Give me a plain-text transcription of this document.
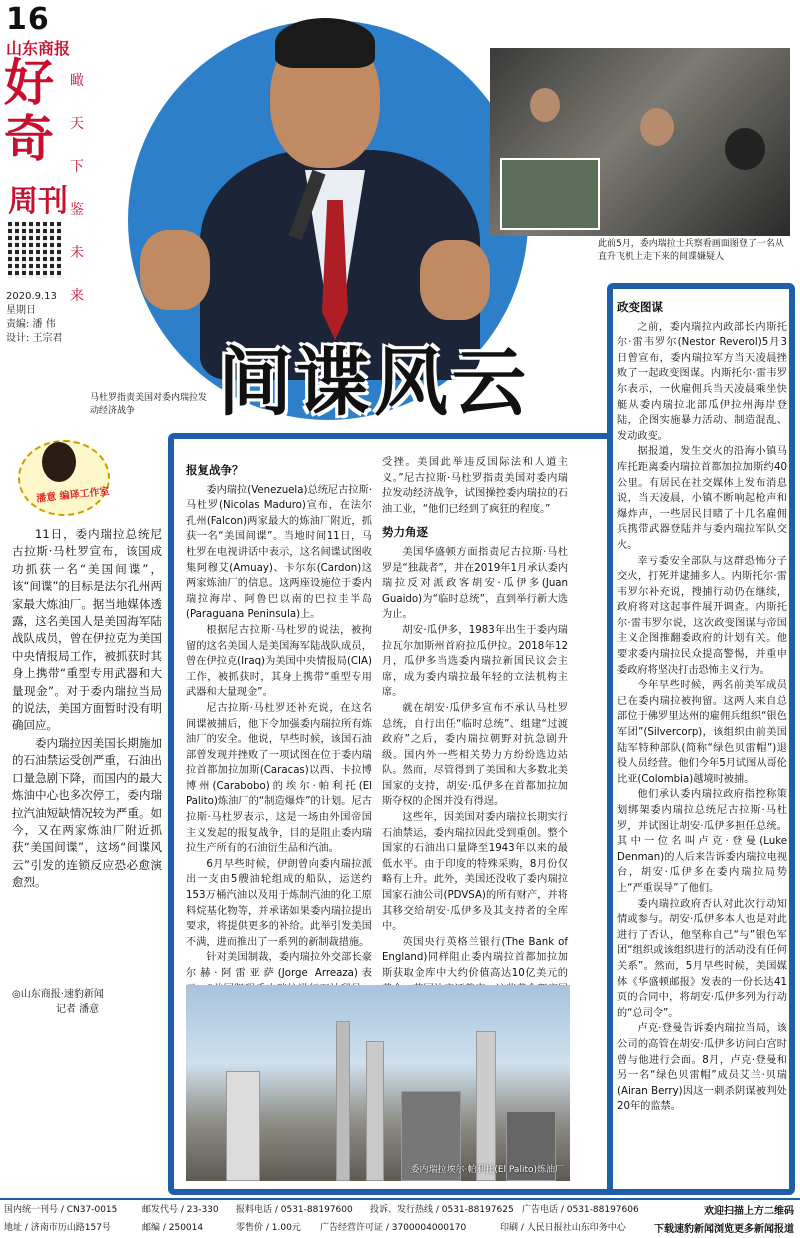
16
山东商报
好
奇
周刊
瞰
天
下
鉴
未
来
2020.9.13
星期日
责编: 潘 伟
设计: 王宗君
马杜罗指责美国对委内瑞拉发动经济战争	间谍风云
此前5月，委内瑞拉士兵察看画面图登了一名从直升飞机上走下来的间谍嫌疑人
潘意 编译工作室

11日，委内瑞拉总统尼古拉斯·马杜罗宣布，该国成功抓获一名“美国间谍”，该“间谍”的目标是法尔孔州两家最大炼油厂。据当地媒体透露，这名美国人是美国海军陆战队成员，曾在伊拉克为美国中央情报局工作，被抓获时其身上携带“重型专用武器和大量现金”。对于委内瑞拉当局的说法，美国方面暂时没有明确回应。

委内瑞拉因美国长期施加的石油禁运受创严重，石油出口量急剧下降，而国内的最大炼油中心也多次停工，委内瑞拉汽油短缺情况较为严重。如今，又在两家炼油厂附近抓获“美国间谍”，这场“间谍风云”引发的连锁反应恐必愈演愈烈。

◎山东商报·速豹新闻
记者 潘意
报复战争？

委内瑞拉(Venezuela)总统尼古拉斯·马杜罗(Nicolas Maduro)宣布，在法尔孔州(Falcon)两家最大的炼油厂附近，抓获一名“美国间谍”。当地时间11日，马杜罗在电视讲话中表示，这名间谍试图收集阿穆艾(Amuay)、卡尔东(Cardon)这两家炼油厂的信息。这两座设施位于委内瑞拉海岸、阿鲁巴以南的巴拉圭半岛(Paraguana Peninsula)上。

根据尼古拉斯·马杜罗的说法，被拘留的这名美国人是美国海军陆战队成员，曾在伊拉克(Iraq)为美国中央情报局(CIA)工作，被抓获时，其身上携带“重型专用武器和大量现金”。

尼古拉斯·马杜罗还补充说，在这名间谍被捕后，他下令加强委内瑞拉所有炼油厂的安全。他说，早些时候，该国石油部曾发现并挫败了一项试图在位于委内瑞拉首都加拉加斯(Caracas)以西、卡拉博博州(Carabobo)的埃尔·帕利托(El Palito)炼油厂的“制造爆炸”的计划。尼古拉斯·马杜罗表示，这是一场由外国帝国主义发起的报复战争，目的是阻止委内瑞拉生产所有的石油衍生品和汽油。

6月早些时候，伊朗曾向委内瑞拉派出一支由5艘油轮组成的船队，运送约153万桶汽油以及用于炼制汽油的化工原料烷基化物等，并承诺如果委内瑞拉提出要求，将提供更多的补给。此举引发美国不满，进而推出了一系列的新制裁措施。

针对美国制裁，委内瑞拉外交部长豪尔赫·阿雷亚萨(Jorge Arreaza)表

受挫。美国此举违反国际法和人道主义。”尼古拉斯·马杜罗指责美国对委内瑞拉发动经济战争，试图操控委内瑞拉的石油工业，“他们已经到了疯狂的程度。”

势力角逐

美国华盛顿方面指责尼古拉斯·马杜罗是“独裁者”，并在2019年1月承认委内瑞拉反对派政客胡安·瓜伊多(Juan Guaido)为“临时总统”，直到举行新大选为止。

胡安·瓜伊多，1983年出生于委内瑞拉瓦尔加斯州首府拉瓜伊拉。2018年12月，瓜伊多当选委内瑞拉新国民议会主席，成为委内瑞拉最年轻的立法机构主席。

就在胡安·瓜伊多宣布不承认马杜罗总统，自行出任“临时总统”、组建“过渡政府”之后，委内瑞拉朝野对抗急剧升级。国内外一些相关势力方纷纷选边站队。然而，尽管得到了美国和大多数北美国家的支持，胡安·瓜伊多在首都加拉加斯夺权的企图并没有得逞。

这些年，因美国对委内瑞拉长期实行石油禁运，委内瑞拉因此受到重创。整个国家的石油出口量降至1943年以来的最低水平。由于印度的特殊采购，8月份仅略有上升。此外，美国还没收了委内瑞拉国家石油公司(PDVSA)的所有财产，并将其移交给胡安·瓜伊多及其支持者的全库中。

英国央行英格兰银行(The Bank of England)同样阻止委内瑞拉首都加拉加斯获取金库中大约价值高达10亿美元的

委内瑞拉埃尔·帕利托(El Palito)炼油厂
政变图谋

之前，委内瑞拉内政部长内斯托尔·雷韦罗尔(Nestor Reverol)5月3日曾宣布，委内瑞拉军方当天凌晨挫败了一起政变图谋。内斯托尔·雷韦罗尔表示，一伙雇佣兵当天凌晨乘坐快艇从委内瑞拉北部瓜伊拉州海岸登陆，企图实施暴力活动、制造混乱、发动政变。

据报道，发生交火的沿海小镇马库托距离委内瑞拉首都加拉加斯约40公里。有居民在社交媒体上发布消息说，当天凌晨，小镇不断响起枪声和爆炸声，一些居民目睹了十几名雇佣兵携带武器登陆并与委内瑞拉军队交火。

幸亏委安全部队与这群恐怖分子交火，打死并逮捕多人。内斯托尔·雷韦罗尔补充说，搜捕行动仍在继续，政府将对这起事件展开调查。内斯托尔·雷韦罗尔说，这次政变图谋与帝国主义企图推翻委政府的计划有关。他要求委内瑞拉民众提高警惕，并重申委政府将坚决打击恐怖主义行为。

今年早些时候，两名前美军成员已在委内瑞拉被拘留。这两人来自总部位于佛罗里达州的雇佣兵组织“银色军团”(Silvercorp)，该组织由前美国陆军特种部队(简称“绿色贝雷帽”)退役人员经营。他们今年5月试图从哥伦比亚(Colombia)越境时被捕。

他们承认委内瑞拉政府指控称策划绑架委内瑞拉总统尼古拉斯·马杜罗，并试图让胡安·瓜伊多担任总统。其中一位名叫卢克·登曼(Luke Denman)的人后来告诉委内瑞拉电视台，胡安·瓜伊多在委内瑞拉局势上“严重误导”了他们。

委内瑞拉政府否认对此次行动知情或参与。胡安·瓜伊多本人也是对此进行了否认，他坚称自己“与”银色军团“组织或该组织进行的活动没有任何关系”。然而，5月早些时候，美国媒体《华盛顿邮报》发表的一份长达41页的合同中，将胡安·瓜伊多列为行动的“总司令”。

卢克·登曼告诉委内瑞拉当局，该公司的高管在胡安·瓜伊多访问白宫时曾与他进行会面。8月，卢克·登曼和另一名“绿色贝雷帽”成员艾兰·贝瑞(Airan Berry)因这一刺杀阴谋被判处20年的监禁。

国内统一刊号 / CN37-0015	邮发代号 / 23-330 报料电话 / 0531-88197600 投诉、发行热线 / 0531-88197625 广告电话 / 0531-88197606	欢迎扫描上方二维码
地址 / 济南市历山路157号	邮编 / 250014	零售价 / 1.00元 广告经营许可证 / 3700004000170	印刷 / 人民日报社山东印务中心	下载速豹新闻浏览更多新闻报道
